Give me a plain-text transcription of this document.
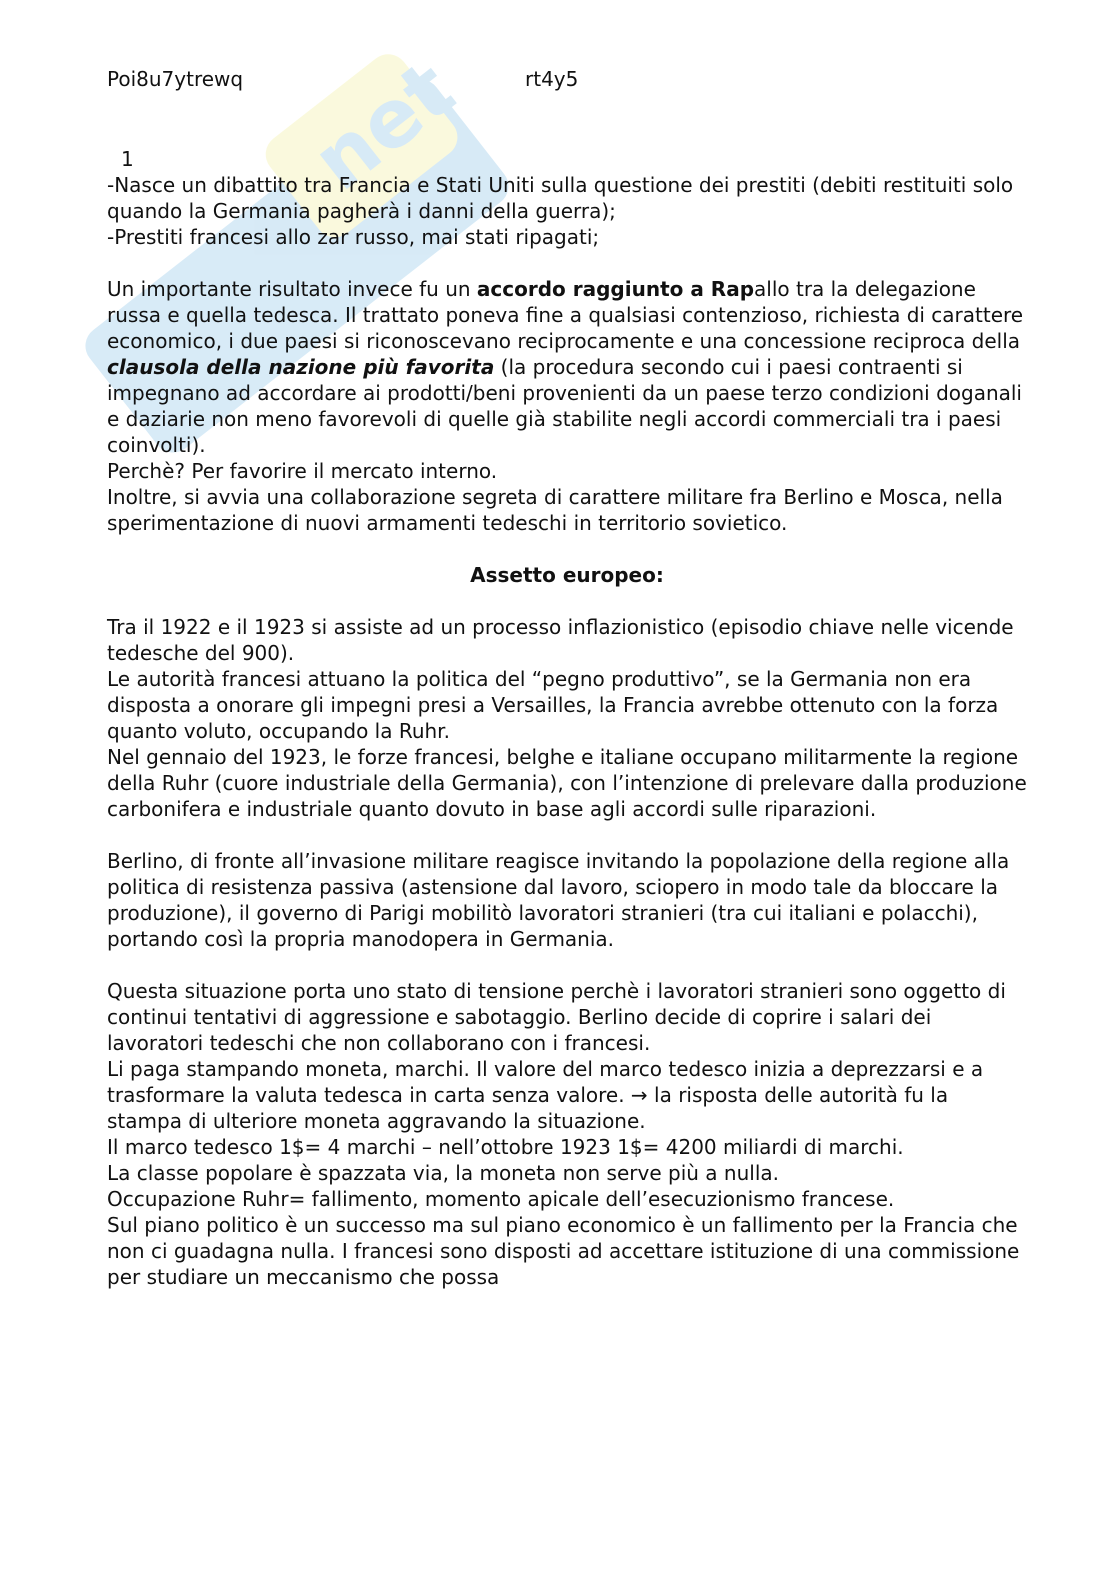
net
Poi8u7ytrewq	rt4y5
1

-Nasce un dibattito tra Francia e Stati Uniti sulla questione dei prestiti (debiti restituiti solo quando la Germania pagherà i danni della guerra);

-Prestiti francesi allo zar russo, mai stati ripagati;

Un importante risultato invece fu un accordo raggiunto a Rapallo tra la delegazione russa e quella tedesca. Il trattato poneva fine a qualsiasi contenzioso, richiesta di carattere economico, i due paesi si riconoscevano reciprocamente e una concessione reciproca della clausola della nazione più favorita (la procedura secondo cui i paesi contraenti si impegnano ad accordare ai prodotti/beni provenienti da un paese terzo condizioni doganali e daziarie non meno favorevoli di quelle già stabilite negli accordi commerciali tra i paesi coinvolti).

Perchè? Per favorire il mercato interno.

Inoltre, si avvia una collaborazione segreta di carattere militare fra Berlino e Mosca, nella sperimentazione di nuovi armamenti tedeschi in territorio sovietico.

Assetto europeo:

Tra il 1922 e il 1923 si assiste ad un processo inflazionistico (episodio chiave nelle vicende tedesche del 900).

Le autorità francesi attuano la politica del “pegno produttivo”, se la Germania non era disposta a onorare gli impegni presi a Versailles, la Francia avrebbe ottenuto con la forza quanto voluto, occupando la Ruhr.

Nel gennaio del 1923, le forze francesi, belghe e italiane occupano militarmente la regione della Ruhr (cuore industriale della Germania), con l’intenzione di prelevare dalla produzione carbonifera e industriale quanto dovuto in base agli accordi sulle riparazioni.

Berlino, di fronte all’invasione militare reagisce invitando la popolazione della regione alla politica di resistenza passiva (astensione dal lavoro, sciopero in modo tale da bloccare la produzione), il governo di Parigi mobilitò lavoratori stranieri (tra cui italiani e polacchi), portando così la propria manodopera in Germania.

Questa situazione porta uno stato di tensione perchè i lavoratori stranieri sono oggetto di continui tentativi di aggressione e sabotaggio. Berlino decide di coprire i salari dei lavoratori tedeschi che non collaborano con i francesi.

Li paga stampando moneta, marchi. Il valore del marco tedesco inizia a deprezzarsi e a trasformare la valuta tedesca in carta senza valore. → la risposta delle autorità fu la stampa di ulteriore moneta aggravando la situazione.

Il marco tedesco 1$= 4 marchi – nell’ottobre 1923 1$= 4200 miliardi di marchi.

La classe popolare è spazzata via, la moneta non serve più a nulla.

Occupazione Ruhr= fallimento, momento apicale dell’esecuzionismo francese.

Sul piano politico è un successo ma sul piano economico è un fallimento per la Francia che non ci guadagna nulla. I francesi sono disposti ad accettare istituzione di una commissione per studiare un meccanismo che possa
